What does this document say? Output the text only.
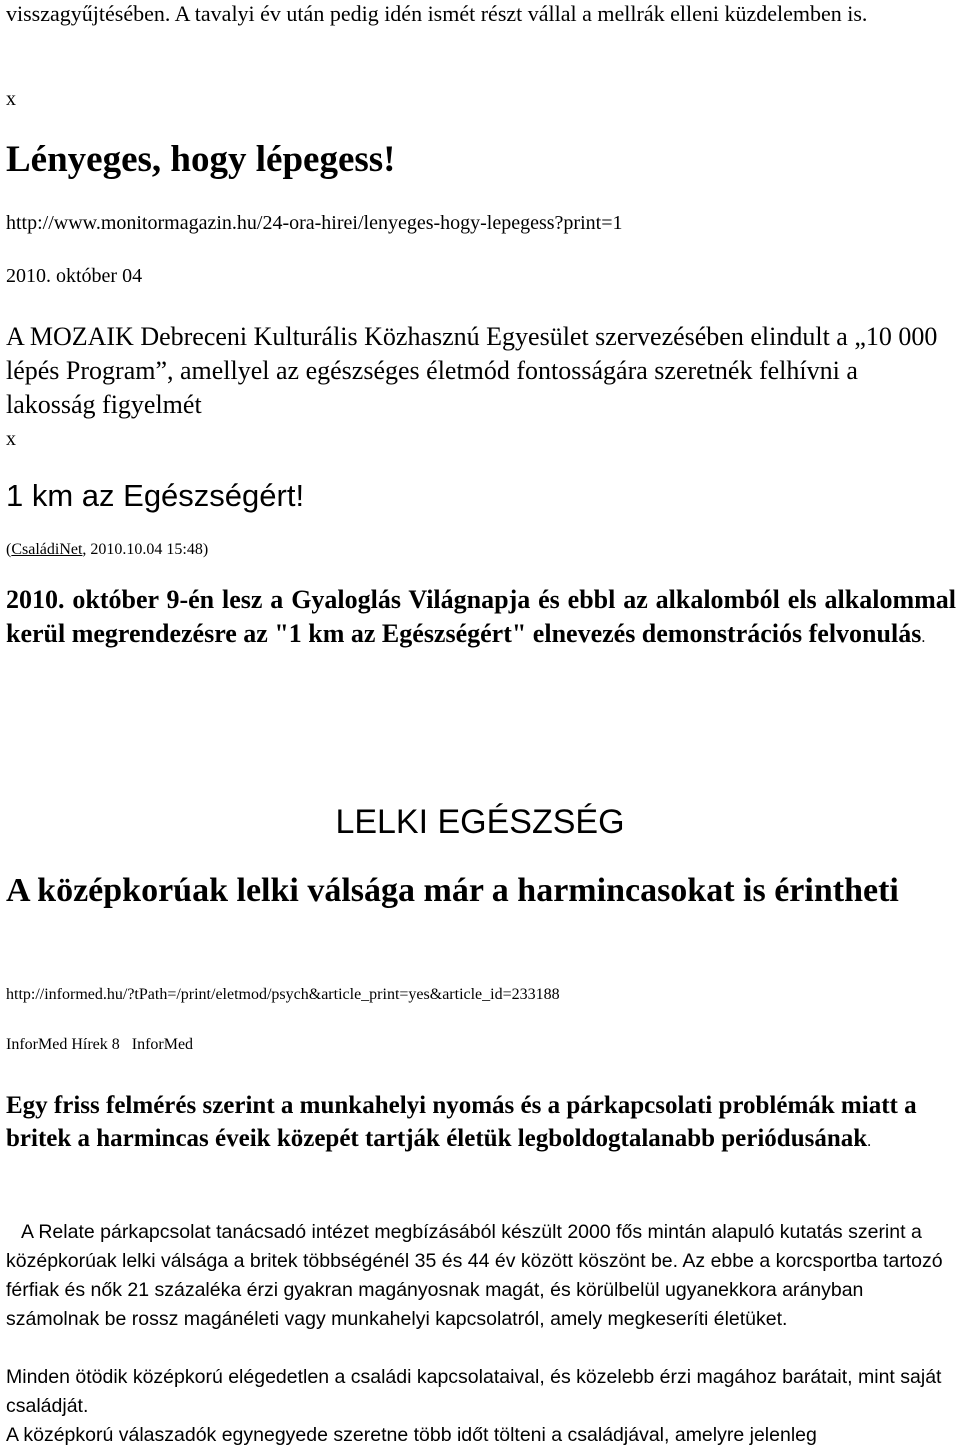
visszagyűjtésében. A tavalyi év után pedig idén ismét részt vállal a mellrák elleni küzdelemben is.

x
Lényeges, hogy lépegess!
http://www.monitormagazin.hu/24-ora-hirei/lenyeges-hogy-lepegess?print=1
2010. október 04

A MOZAIK Debreceni Kulturális Közhasznú Egyesület szervezésében elindult a „10 000 lépés Program”, amellyel az egészséges életmód fontosságára szeretnék felhívni a lakosság figyelmét

x
1 km az Egészségért!
(CsaládiNet, 2010.10.04 15:48)

2010. október 9-én lesz a Gyaloglás Világnapja és ebbl az alkalomból els alkalommal kerül megrendezésre az "1 km az Egészségért" elnevezés demonstrációs felvonulás.

LELKI EGÉSZSÉG
A középkorúak lelki válsága már a harmincasokat is érintheti
http://informed.hu/?tPath=/print/eletmod/psych&article_print=yes&article_id=233188
InforMed Hírek 8   InforMed

Egy friss felmérés szerint a munkahelyi nyomás és a párkapcsolati problémák miatt a britek a harmincas éveik közepét tartják életük legboldogtalanabb periódusának.

A Relate párkapcsolat tanácsadó intézet megbízásából készült 2000 fős mintán alapuló kutatás szerint a középkorúak lelki válsága a britek többségénél 35 és 44 év között köszönt be. Az ebbe a korcsportba tartozó férfiak és nők 21 százaléka érzi gyakran magányosnak magát, és körülbelül ugyanekkora arányban számolnak be rossz magánéleti vagy munkahelyi kapcsolatról, amely megkeseríti életüket.

Minden ötödik középkorú elégedetlen a családi kapcsolataival, és közelebb érzi magához barátait, mint saját családját.

A középkorú válaszadók egynegyede szeretne több időt tölteni a családjával, amelyre jelenleg
